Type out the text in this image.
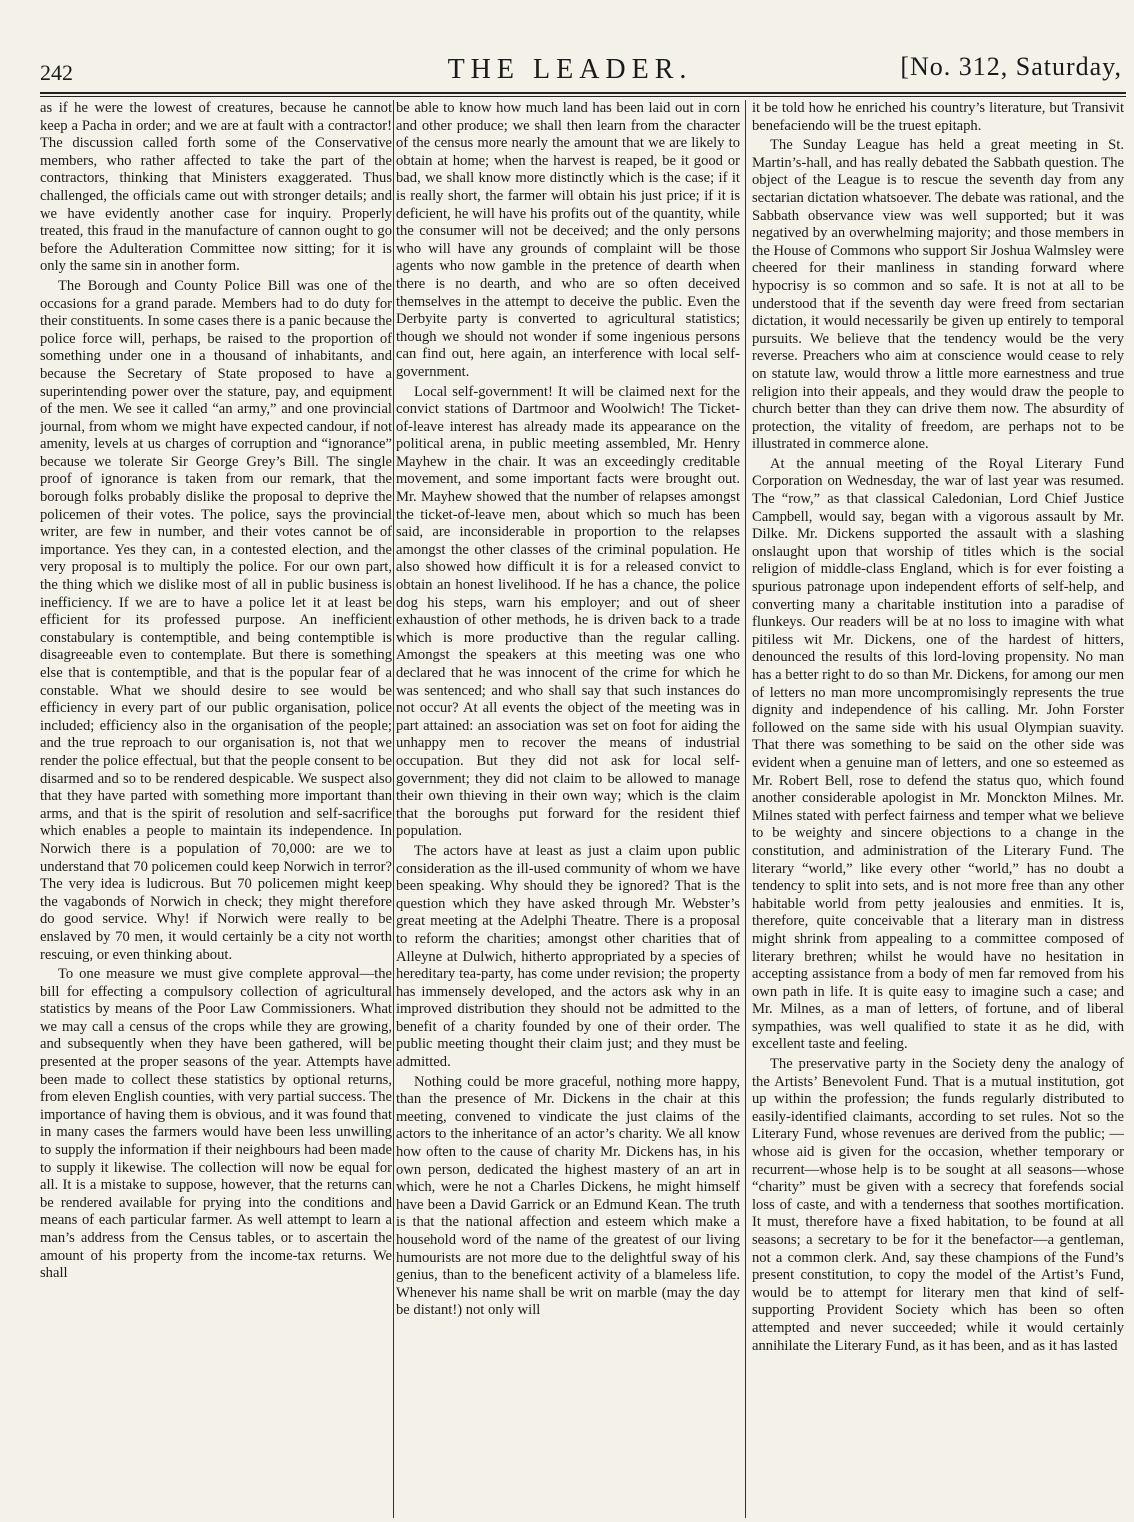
242	THE LEADER.	[No. 312, Saturday,

as if he were the lowest of creatures, because he cannot keep a Pacha in order; and we are at fault with a contractor! The discussion called forth some of the Conservative members, who rather affected to take the part of the contractors, thinking that Ministers exaggerated. Thus challenged, the officials came out with stronger details; and we have evidently another case for inquiry. Properly treated, this fraud in the manufacture of cannon ought to go before the Adulteration Committee now sitting; for it is only the same sin in another form.

The Borough and County Police Bill was one of the occasions for a grand parade. Members had to do duty for their constituents. In some cases there is a panic because the police force will, perhaps, be raised to the proportion of something under one in a thousand of inhabitants, and because the Secretary of State proposed to have a superintending power over the stature, pay, and equipment of the men. We see it called “an army,” and one provincial journal, from whom we might have expected candour, if not amenity, levels at us charges of corruption and “ignorance” because we tolerate Sir George Grey’s Bill. The single proof of ignorance is taken from our remark, that the borough folks probably dislike the proposal to deprive the policemen of their votes. The police, says the provincial writer, are few in number, and their votes cannot be of importance. Yes they can, in a contested election, and the very proposal is to multiply the police. For our own part, the thing which we dislike most of all in public business is inefficiency. If we are to have a police let it at least be efficient for its professed purpose. An inefficient constabulary is contemptible, and being contemptible is disagreeable even to contemplate. But there is something else that is contemptible, and that is the popular fear of a constable. What we should desire to see would be efficiency in every part of our public organisation, police included; efficiency also in the organisation of the people; and the true reproach to our organisation is, not that we render the police effectual, but that the people consent to be disarmed and so to be rendered despicable. We suspect also that they have parted with something more important than arms, and that is the spirit of resolution and self-sacrifice which enables a people to maintain its independence. In Norwich there is a population of 70,000: are we to understand that 70 policemen could keep Norwich in terror? The very idea is ludicrous. But 70 policemen might keep the vagabonds of Norwich in check; they might therefore do good service. Why! if Norwich were really to be enslaved by 70 men, it would certainly be a city not worth rescuing, or even thinking about.

To one measure we must give complete approval—the bill for effecting a compulsory collection of agricultural statistics by means of the Poor Law Commissioners. What we may call a census of the crops while they are growing, and subsequently when they have been gathered, will be presented at the proper seasons of the year. Attempts have been made to collect these statistics by optional returns, from eleven English counties, with very partial success. The importance of having them is obvious, and it was found that in many cases the farmers would have been less unwilling to supply the information if their neighbours had been made to supply it likewise. The collection will now be equal for all. It is a mistake to suppose, however, that the returns can be rendered available for prying into the conditions and means of each particular farmer. As well attempt to learn a man’s address from the Census tables, or to ascertain the amount of his property from the income-tax returns. We shall

be able to know how much land has been laid out in corn and other produce; we shall then learn from the character of the census more nearly the amount that we are likely to obtain at home; when the harvest is reaped, be it good or bad, we shall know more distinctly which is the case; if it is really short, the farmer will obtain his just price; if it is deficient, he will have his profits out of the quantity, while the consumer will not be deceived; and the only persons who will have any grounds of complaint will be those agents who now gamble in the pretence of dearth when there is no dearth, and who are so often deceived themselves in the attempt to deceive the public. Even the Derbyite party is converted to agricultural statistics; though we should not wonder if some ingenious persons can find out, here again, an interference with local self-government.

Local self-government! It will be claimed next for the convict stations of Dartmoor and Woolwich! The Ticket-of-leave interest has already made its appearance on the political arena, in public meeting assembled, Mr. Henry Mayhew in the chair. It was an exceedingly creditable movement, and some important facts were brought out. Mr. Mayhew showed that the number of relapses amongst the ticket-of-leave men, about which so much has been said, are inconsiderable in proportion to the relapses amongst the other classes of the criminal population. He also showed how difficult it is for a released convict to obtain an honest livelihood. If he has a chance, the police dog his steps, warn his employer; and out of sheer exhaustion of other methods, he is driven back to a trade which is more productive than the regular calling. Amongst the speakers at this meeting was one who declared that he was innocent of the crime for which he was sentenced; and who shall say that such instances do not occur? At all events the object of the meeting was in part attained: an association was set on foot for aiding the unhappy men to recover the means of industrial occupation. But they did not ask for local self-government; they did not claim to be allowed to manage their own thieving in their own way; which is the claim that the boroughs put forward for the resident thief population.

The actors have at least as just a claim upon public consideration as the ill-used community of whom we have been speaking. Why should they be ignored? That is the question which they have asked through Mr. Webster’s great meeting at the Adelphi Theatre. There is a proposal to reform the charities; amongst other charities that of Alleyne at Dulwich, hitherto appropriated by a species of hereditary tea-party, has come under revision; the property has immensely developed, and the actors ask why in an improved distribution they should not be admitted to the benefit of a charity founded by one of their order. The public meeting thought their claim just; and they must be admitted.

Nothing could be more graceful, nothing more happy, than the presence of Mr. Dickens in the chair at this meeting, convened to vindicate the just claims of the actors to the inheritance of an actor’s charity. We all know how often to the cause of charity Mr. Dickens has, in his own person, dedicated the highest mastery of an art in which, were he not a Charles Dickens, he might himself have been a David Garrick or an Edmund Kean. The truth is that the national affection and esteem which make a household word of the name of the greatest of our living humourists are not more due to the delightful sway of his genius, than to the beneficent activity of a blameless life. Whenever his name shall be writ on marble (may the day be distant!) not only will

it be told how he enriched his country’s literature, but Transivit benefaciendo will be the truest epitaph.

The Sunday League has held a great meeting in St. Martin’s-hall, and has really debated the Sabbath question. The object of the League is to rescue the seventh day from any sectarian dictation whatsoever. The debate was rational, and the Sabbath observance view was well supported; but it was negatived by an overwhelming majority; and those members in the House of Commons who support Sir Joshua Walmsley were cheered for their manliness in standing forward where hypocrisy is so common and so safe. It is not at all to be understood that if the seventh day were freed from sectarian dictation, it would necessarily be given up entirely to temporal pursuits. We believe that the tendency would be the very reverse. Preachers who aim at conscience would cease to rely on statute law, would throw a little more earnestness and true religion into their appeals, and they would draw the people to church better than they can drive them now. The absurdity of protection, the vitality of freedom, are perhaps not to be illustrated in commerce alone.

At the annual meeting of the Royal Literary Fund Corporation on Wednesday, the war of last year was resumed. The “row,” as that classical Caledonian, Lord Chief Justice Campbell, would say, began with a vigorous assault by Mr. Dilke. Mr. Dickens supported the assault with a slashing onslaught upon that worship of titles which is the social religion of middle-class England, which is for ever foisting a spurious patronage upon independent efforts of self-help, and converting many a charitable institution into a paradise of flunkeys. Our readers will be at no loss to imagine with what pitiless wit Mr. Dickens, one of the hardest of hitters, denounced the results of this lord-loving propensity. No man has a better right to do so than Mr. Dickens, for among our men of letters no man more uncompromisingly represents the true dignity and independence of his calling. Mr. John Forster followed on the same side with his usual Olympian suavity. That there was something to be said on the other side was evident when a genuine man of letters, and one so esteemed as Mr. Robert Bell, rose to defend the status quo, which found another considerable apologist in Mr. Monckton Milnes. Mr. Milnes stated with perfect fairness and temper what we believe to be weighty and sincere objections to a change in the constitution, and administration of the Literary Fund. The literary “world,” like every other “world,” has no doubt a tendency to split into sets, and is not more free than any other habitable world from petty jealousies and enmities. It is, therefore, quite conceivable that a literary man in distress might shrink from appealing to a committee composed of literary brethren; whilst he would have no hesitation in accepting assistance from a body of men far removed from his own path in life. It is quite easy to imagine such a case; and Mr. Milnes, as a man of letters, of fortune, and of liberal sympathies, was well qualified to state it as he did, with excellent taste and feeling.

The preservative party in the Society deny the analogy of the Artists’ Benevolent Fund. That is a mutual institution, got up within the profession; the funds regularly distributed to easily-identified claimants, according to set rules. Not so the Literary Fund, whose revenues are derived from the public; — whose aid is given for the occasion, whether temporary or recurrent—whose help is to be sought at all seasons—whose “charity” must be given with a secrecy that forefends social loss of caste, and with a tenderness that soothes mortification. It must, therefore have a fixed habitation, to be found at all seasons; a secretary to be for it the benefactor—a gentleman, not a common clerk. And, say these champions of the Fund’s present constitution, to copy the model of the Artist’s Fund, would be to attempt for literary men that kind of self-supporting Provident Society which has been so often attempted and never succeeded; while it would certainly annihilate the Literary Fund, as it has been, and as it has lasted
